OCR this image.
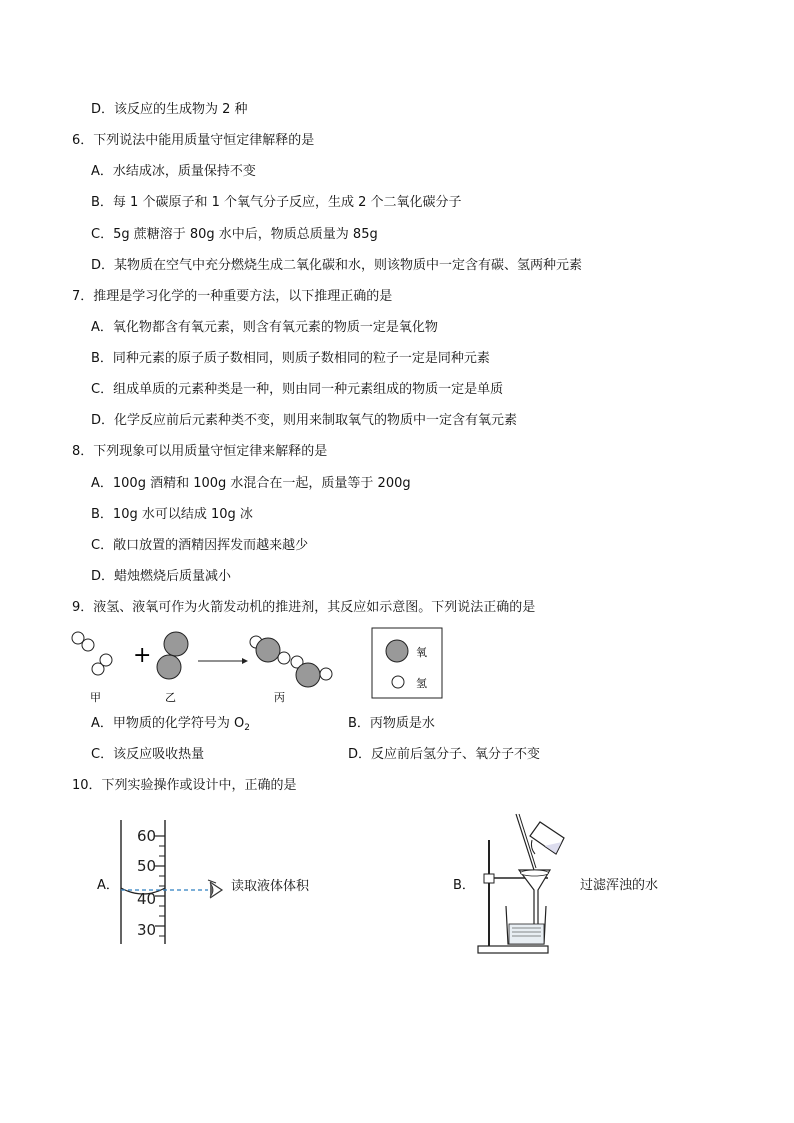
D．该反应的生成物为 2 种
6．下列说法中能用质量守恒定律解释的是
A．水结成冰，质量保持不变
B．每 1 个碳原子和 1 个氧气分子反应，生成 2 个二氧化碳分子
C．5g 蔗糖溶于 80g 水中后，物质总质量为 85g
D．某物质在空气中充分燃烧生成二氧化碳和水，则该物质中一定含有碳、氢两种元素
7．推理是学习化学的一种重要方法，以下推理正确的是
A．氧化物都含有氧元素，则含有氧元素的物质一定是氧化物
B．同种元素的原子质子数相同，则质子数相同的粒子一定是同种元素
C．组成单质的元素种类是一种，则由同一种元素组成的物质一定是单质
D．化学反应前后元素种类不变，则用来制取氧气的物质中一定含有氧元素
8．下列现象可以用质量守恒定律来解释的是
A．100g 酒精和 100g 水混合在一起，质量等于 200g
B．10g 水可以结成 10g 冰
C．敞口放置的酒精因挥发而越来越少
D．蜡烛燃烧后质量减小
9．液氢、液氧可作为火箭发动机的推进剂，其反应如示意图。下列说法正确的是
+
甲	乙	丙
氧
氢
A．甲物质的化学符号为 $O_2$	B．丙物质是水
C．该反应吸收热量	D．反应前后氢分子、氧分子不变
10．下列实验操作或设计中，正确的是
A．
60
50
40
30
读取液体体积	B．	过滤浑浊的水
